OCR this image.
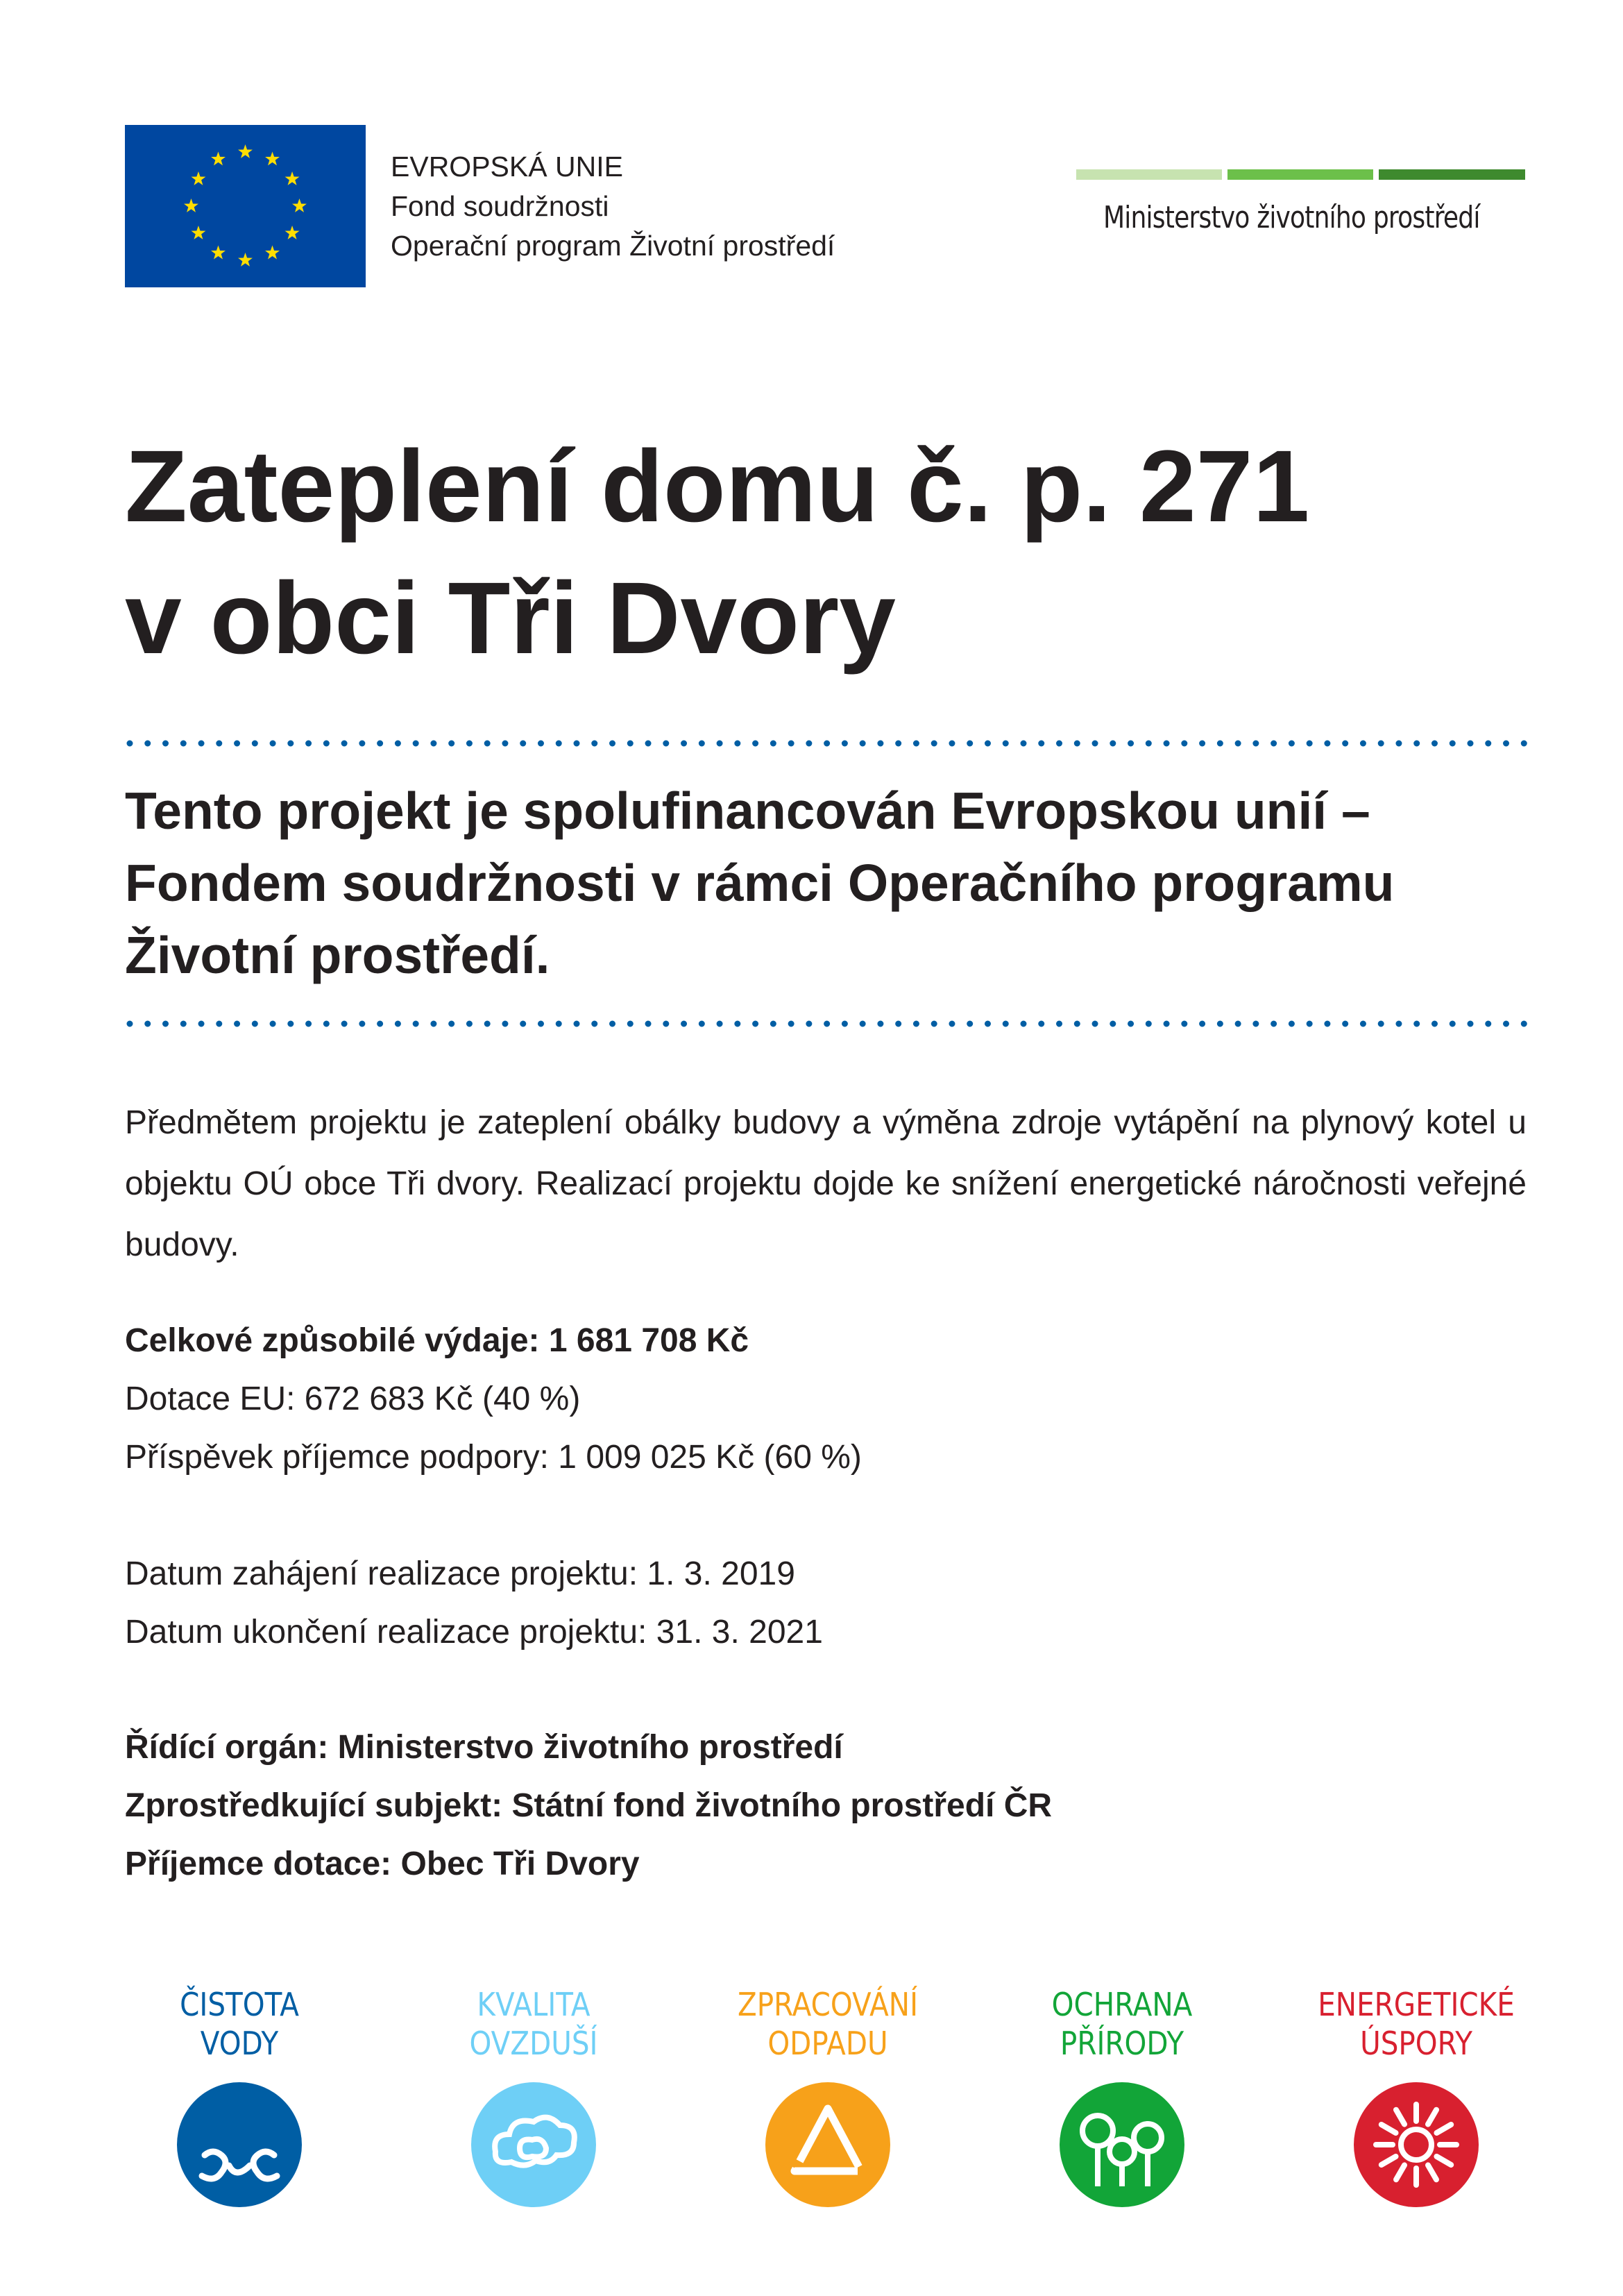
EVROPSKÁ UNIE
Fond soudržnosti
Operační program Životní prostředí
Ministerstvo životního prostředí
Zateplení domu č. p. 271
v obci Tři Dvory
Tento projekt je spolufinancován Evropskou unií –
Fondem soudržnosti v rámci Operačního programu
Životní prostředí.

Předmětem projektu je zateplení obálky budovy a výměna zdroje vytápění na plynový kotel u objektu OÚ obce Tři dvory. Realizací projektu dojde ke snížení energetické náročnosti veřejné budovy.

Celkové způsobilé výdaje: 1 681 708 Kč
Dotace EU: 672 683 Kč (40 %)
Příspěvek příjemce podpory: 1 009 025 Kč (60 %)
Datum zahájení realizace projektu: 1. 3. 2019
Datum ukončení realizace projektu: 31. 3. 2021
Řídící orgán: Ministerstvo životního prostředí
Zprostředkující subjekt: Státní fond životního prostředí ČR
Příjemce dotace: Obec Tři Dvory
ČISTOTA
VODY
KVALITA
OVZDUŠÍ
ZPRACOVÁNÍ
ODPADU
OCHRANA
PŘÍRODY
ENERGETICKÉ
ÚSPORY
